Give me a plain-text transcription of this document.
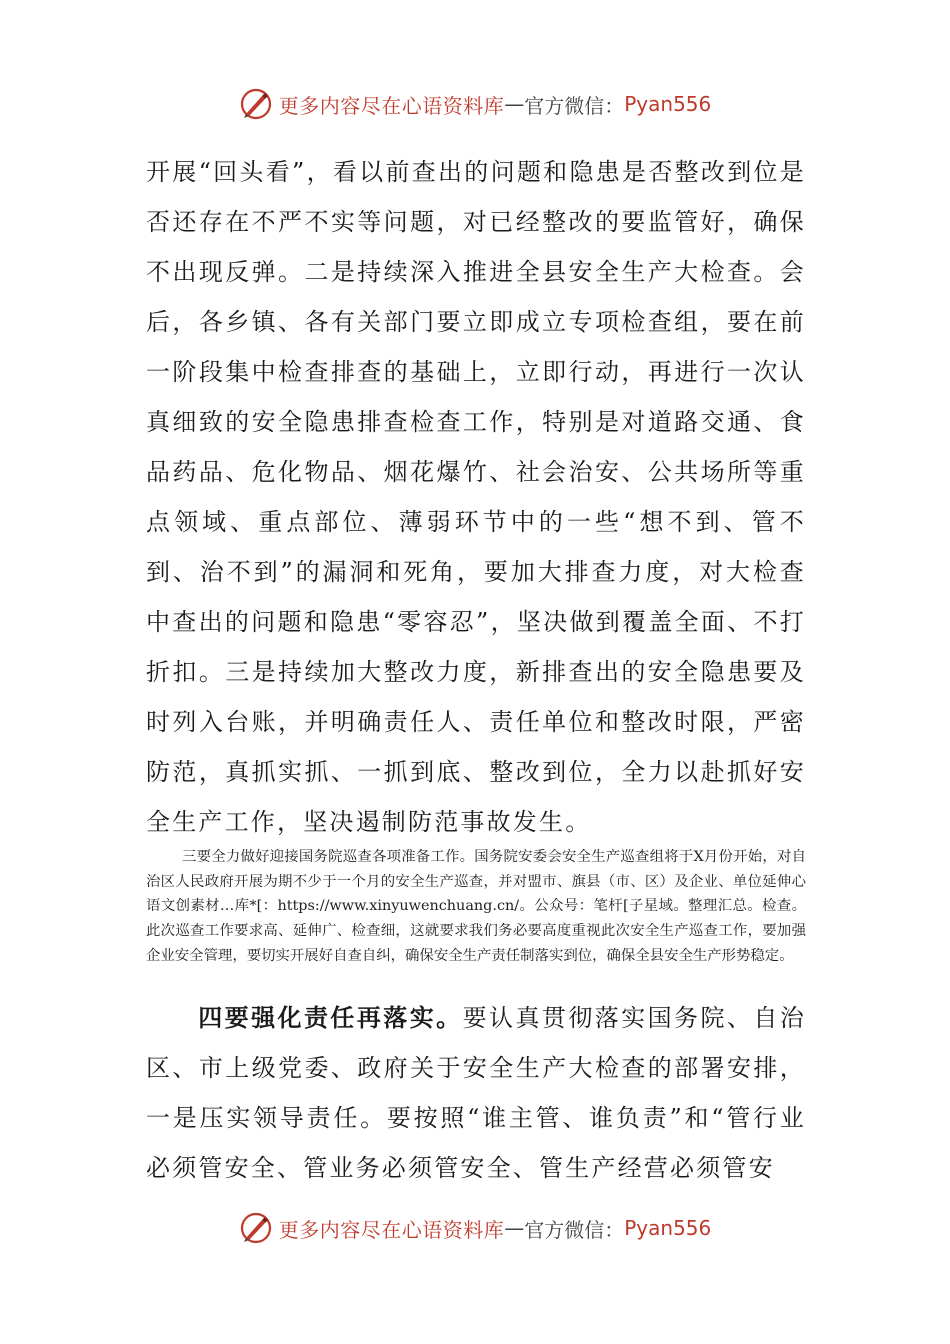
更多内容尽在心语资料库 — 官方微信： Pyan556

开展“回头看”，看以前查出的问题和隐患是否整改到位是否还存在不严不实等问题，对已经整改的要监管好，确保不出现反弹。二是持续深入推进全县安全生产大检查。会后，各乡镇、各有关部门要立即成立专项检查组，要在前一阶段集中检查排查的基础上，立即行动，再进行一次认真细致的安全隐患排查检查工作，特别是对道路交通、食品药品、危化物品、烟花爆竹、社会治安、公共场所等重点领域、重点部位、薄弱环节中的一些“想不到、管不到、治不到”的漏洞和死角，要加大排查力度，对大检查中查出的问题和隐患“零容忍”，坚决做到覆盖全面、不打折扣。三是持续加大整改力度，新排查出的安全隐患要及时列入台账，并明确责任人、责任单位和整改时限，严密防范，真抓实抓、一抓到底、整改到位，全力以赴抓好安全生产工作，坚决遏制防范事故发生。

三要全力做好迎接国务院巡查各项准备工作。国务院安委会安全生产巡查组将于X月份开始，对自治区人民政府开展为期不少于一个月的安全生产巡查，并对盟市、旗县（市、区）及企业、单位延伸心语文创素材…库*[：https://www.xinyuwenchuang.cn/。公众号：笔杆[子星域。整理汇总。检查。此次巡查工作要求高、延伸广、检查细，这就要求我们务必要高度重视此次安全生产巡查工作，要加强企业安全管理，要切实开展好自查自纠，确保安全生产责任制落实到位，确保全县安全生产形势稳定。

四要强化责任再落实。要认真贯彻落实国务院、自治区、市上级党委、政府关于安全生产大检查的部署安排，一是压实领导责任。要按照“谁主管、谁负责”和“管行业必须管安全、管业务必须管安全、管生产经营必须管安

更多内容尽在心语资料库 — 官方微信： Pyan556
